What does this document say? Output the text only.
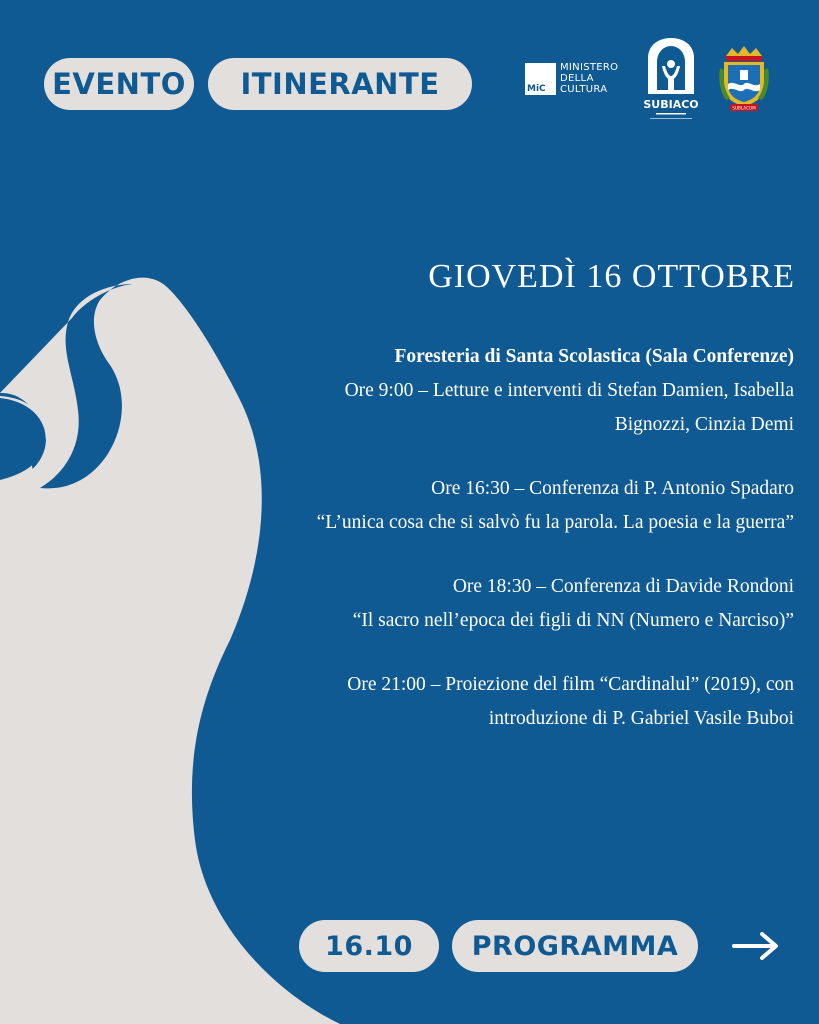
EVENTO	ITINERANTE	MiC
MINISTERO
DELLA
CULTURA
SUBIACO	SUBLACUM
GIOVEDÌ 16 OTTOBRE
Foresteria di Santa Scolastica (Sala Conferenze)
Ore 9:00 – Letture e interventi di Stefan Damien, Isabella
Bignozzi, Cinzia Demi
Ore 16:30 – Conferenza di P. Antonio Spadaro
“L’unica cosa che si salvò fu la parola. La poesia e la guerra”
Ore 18:30 – Conferenza di Davide Rondoni
“Il sacro nell’epoca dei figli di NN (Numero e Narciso)”
Ore 21:00 – Proiezione del film “Cardinalul” (2019), con
introduzione di P. Gabriel Vasile Buboi
16.10	PROGRAMMA
